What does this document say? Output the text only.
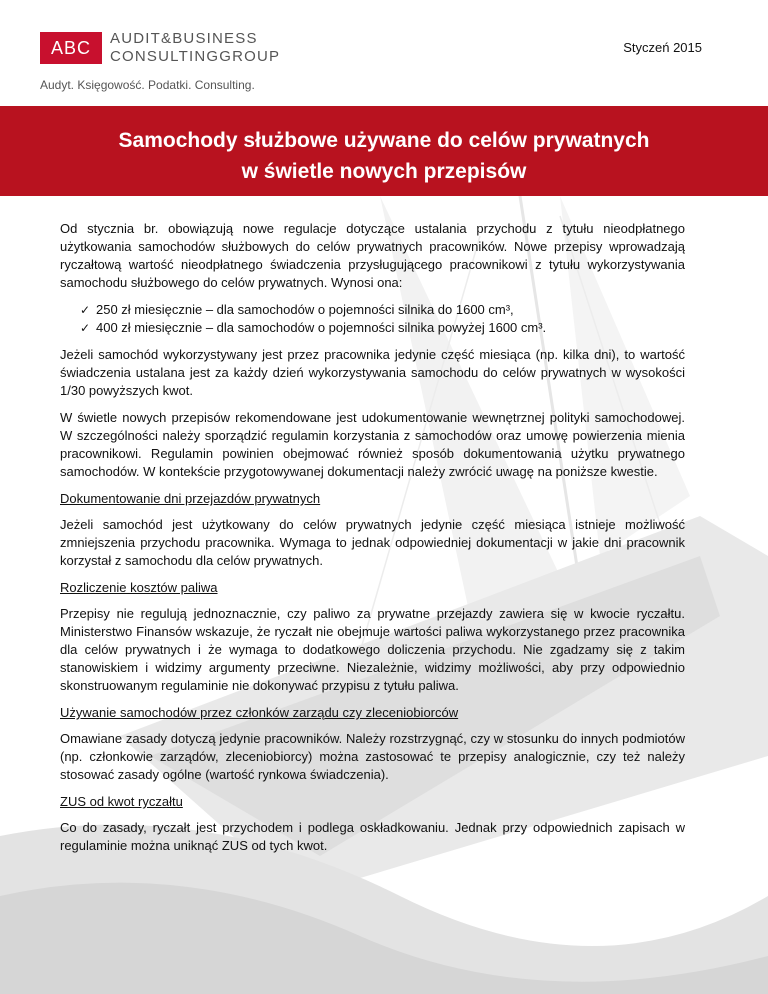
ABC AUDIT&BUSINESS
CONSULTINGGROUP
Audyt. Księgowość. Podatki. Consulting.
Styczeń 2015
Samochody służbowe używane do celów prywatnych
w świetle nowych przepisów

Od stycznia br. obowiązują nowe regulacje dotyczące ustalania przychodu z tytułu nieodpłatnego użytkowania samochodów służbowych do celów prywatnych pracowników. Nowe przepisy wprowadzają ryczałtową wartość nieodpłatnego świadczenia przysługującego pracownikowi z tytułu wykorzystywania samochodu służbowego do celów prywatnych. Wynosi ona:

✓ 250 zł miesięcznie – dla samochodów o pojemności silnika do 1600 cm³,
✓ 400 zł miesięcznie – dla samochodów o pojemności silnika powyżej 1600 cm³.

Jeżeli samochód wykorzystywany jest przez pracownika jedynie część miesiąca (np. kilka dni), to wartość świadczenia ustalana jest za każdy dzień wykorzystywania samochodu do celów prywatnych w wysokości 1/30 powyższych kwot.

W świetle nowych przepisów rekomendowane jest udokumentowanie wewnętrznej polityki samochodowej. W szczególności należy sporządzić regulamin korzystania z samochodów oraz umowę powierzenia mienia pracownikowi. Regulamin powinien obejmować również sposób dokumentowania użytku prywatnego samochodów. W kontekście przygotowywanej dokumentacji należy zwrócić uwagę na poniższe kwestie.

Dokumentowanie dni przejazdów prywatnych

Jeżeli samochód jest użytkowany do celów prywatnych jedynie część miesiąca istnieje możliwość zmniejszenia przychodu pracownika. Wymaga to jednak odpowiedniej dokumentacji w jakie dni pracownik korzystał z samochodu dla celów prywatnych.

Rozliczenie kosztów paliwa

Przepisy nie regulują jednoznacznie, czy paliwo za prywatne przejazdy zawiera się w kwocie ryczałtu. Ministerstwo Finansów wskazuje, że ryczałt nie obejmuje wartości paliwa wykorzystanego przez pracownika dla celów prywatnych i że wymaga to dodatkowego doliczenia przychodu. Nie zgadzamy się z takim stanowiskiem i widzimy argumenty przeciwne. Niezależnie, widzimy możliwości, aby przy odpowiednio skonstruowanym regulaminie nie dokonywać przypisu z tytułu paliwa.

Używanie samochodów przez członków zarządu czy zleceniobiorców

Omawiane zasady dotyczą jedynie pracowników. Należy rozstrzygnąć, czy w stosunku do innych podmiotów (np. członkowie zarządów, zleceniobiorcy) można zastosować te przepisy analogicznie, czy też należy stosować zasady ogólne (wartość rynkowa świadczenia).

ZUS od kwot ryczałtu

Co do zasady, ryczałt jest przychodem i podlega oskładkowaniu. Jednak przy odpowiednich zapisach w regulaminie można uniknąć ZUS od tych kwot.
